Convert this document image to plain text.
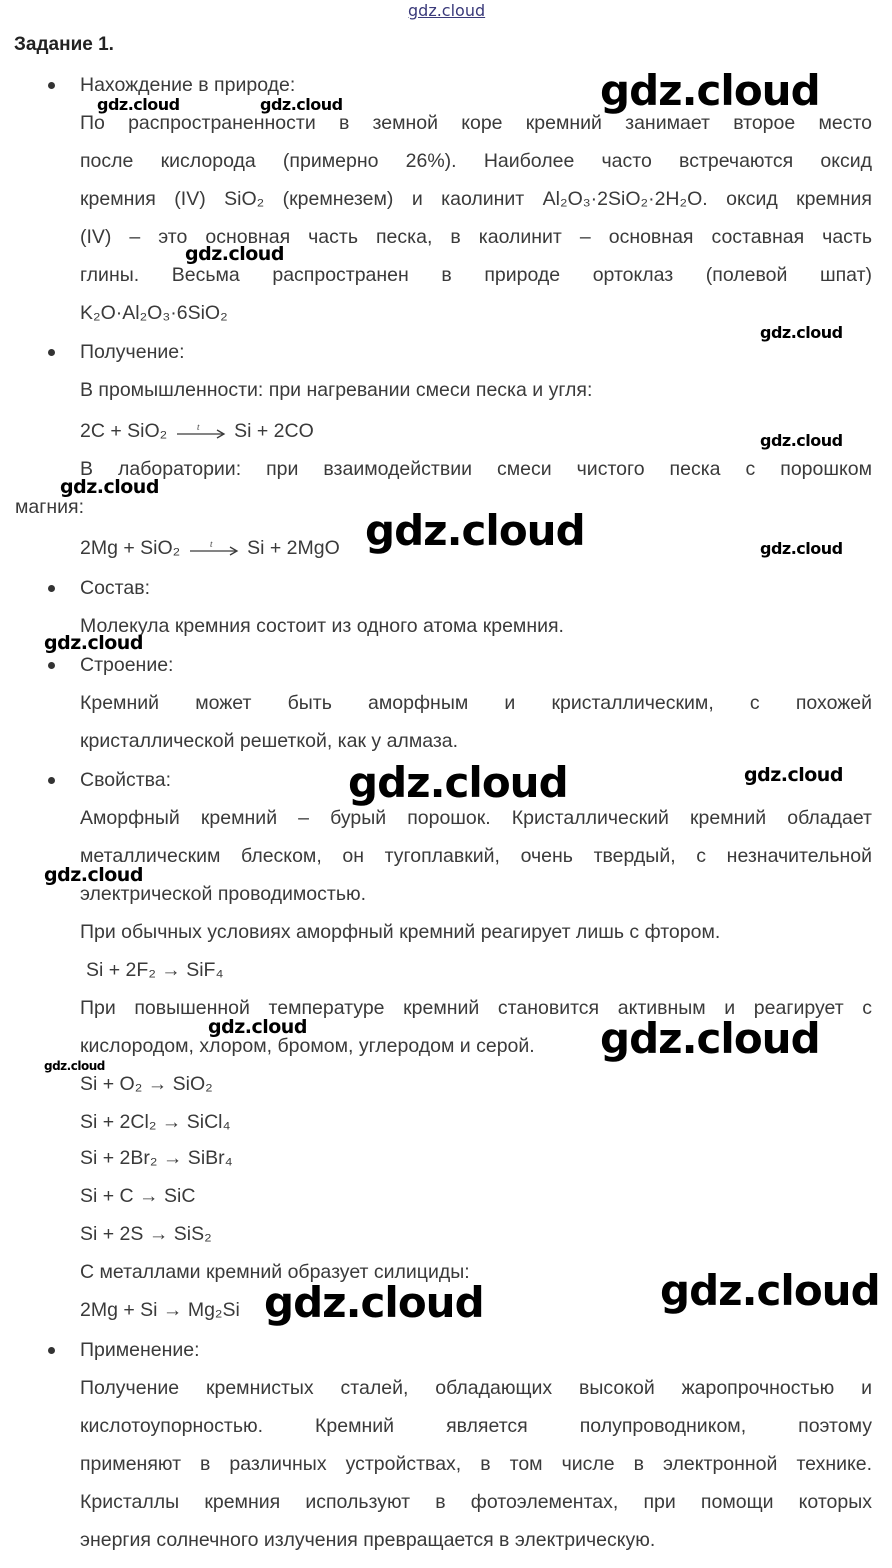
gdz.cloud
Задание 1.
Нахождение в природе:
По распространенности в земной коре кремний занимает второе место
после кислорода (примерно 26%). Наиболее часто встречаются оксид
кремния (IV) SiO₂ (кремнезем) и каолинит Al₂O₃·2SiO₂·2H₂O. оксид кремния
(IV) – это основная часть песка, в каолинит – основная составная часть
глины. Весьма распространен в природе ортоклаз (полевой шпат)
K₂O·Al₂O₃·6SiO₂
Получение:
В промышленности: при нагревании смеси песка и угля:
2C + SiO₂	t Si + 2CO
В лаборатории: при взаимодействии смеси чистого песка с порошком
магния:
2Mg + SiO₂	t Si + 2MgO
Состав:
Молекула кремния состоит из одного атома кремния.
Строение:
Кремний может быть аморфным и кристаллическим, с похожей
кристаллической решеткой, как у алмаза.
Свойства:
Аморфный кремний – бурый порошок. Кристаллический кремний обладает
металлическим блеском, он тугоплавкий, очень твердый, с незначительной
электрической проводимостью.
При обычных условиях аморфный кремний реагирует лишь с фтором.
Si + 2F₂ → SiF₄
При повышенной температуре кремний становится активным и реагирует с
кислородом, хлором, бромом, углеродом и серой.
Si + O₂ → SiO₂
Si + 2Cl₂ → SiCl₄
Si + 2Br₂ → SiBr₄
Si + C → SiC
Si + 2S → SiS₂
С металлами кремний образует силициды:
2Mg + Si → Mg₂Si
Применение:
Получение кремнистых сталей, обладающих высокой жаропрочностью и
кислотоупорностью. Кремний является полупроводником, поэтому
применяют в различных устройствах, в том числе в электронной технике.
Кристаллы кремния используют в фотоэлементах, при помощи которых
энергия солнечного излучения превращается в электрическую.
gdz.cloud
gdz.cloud	gdz.cloud
gdz.cloud
gdz.cloud
gdz.cloud
gdz.cloud
gdz.cloud	gdz.cloud
gdz.cloud
gdz.cloud	gdz.cloud
gdz.cloud
gdz.cloud	gdz.cloud
gdz.cloud
gdz.cloud	gdz.cloud
